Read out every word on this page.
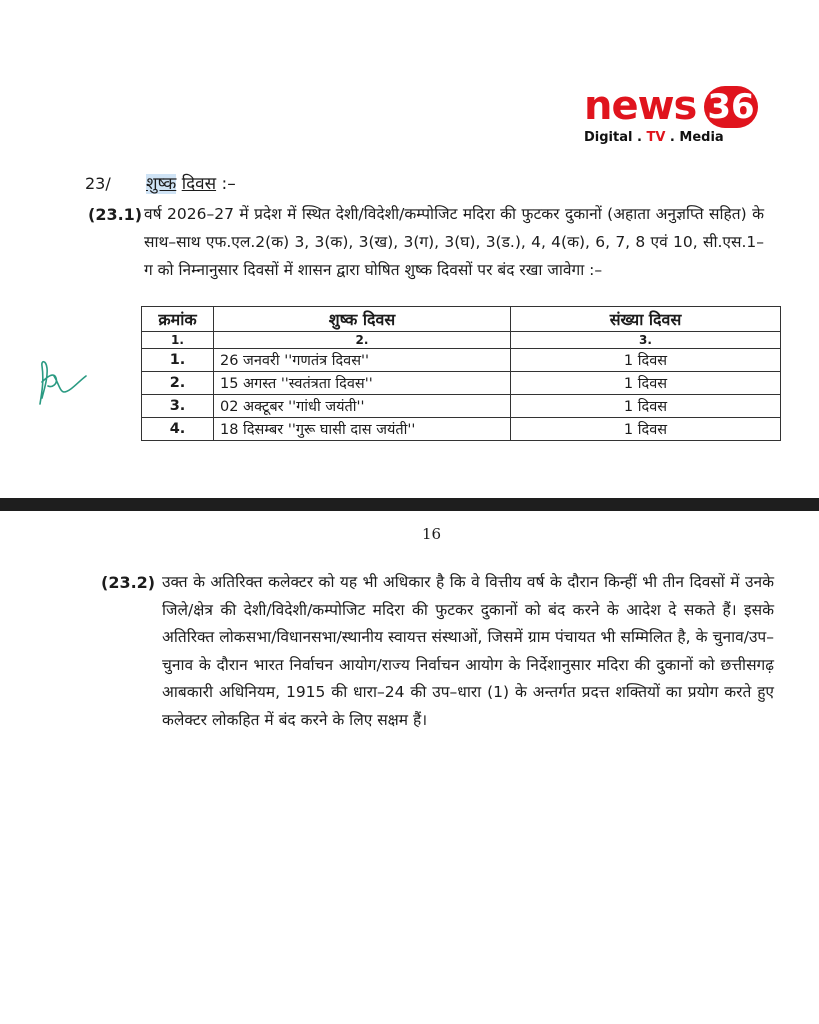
news 36
Digital . TV . Media
23/ शुष्क दिवस :–
(23.1) वर्ष 2026–27 में प्रदेश में स्थित देशी/विदेशी/कम्पोजिट मदिरा की फुटकर दुकानों (अहाता अनुज्ञप्ति सहित) के साथ–साथ एफ.एल.2(क) 3, 3(क), 3(ख), 3(ग), 3(घ), 3(ड.), 4, 4(क), 6, 7, 8 एवं 10, सी.एस.1–ग को निम्नानुसार दिवसों में शासन द्वारा घोषित शुष्क दिवसों पर बंद रखा जावेगा :–
क्रमांक	शुष्क दिवस	संख्या दिवस
1.	2.	3.
1.	26 जनवरी ''गणतंत्र दिवस''	1 दिवस
2.	15 अगस्त ''स्वतंत्रता दिवस''	1 दिवस
3.	02 अक्टूबर ''गांधी जयंती''	1 दिवस
4.	18 दिसम्बर ''गुरू घासी दास जयंती''	1 दिवस
16
(23.2) उक्त के अतिरिक्त कलेक्टर को यह भी अधिकार है कि वे वित्तीय वर्ष के दौरान किन्हीं भी तीन दिवसों में उनके जिले/क्षेत्र की देशी/विदेशी/कम्पोजिट मदिरा की फुटकर दुकानों को बंद करने के आदेश दे सकते हैं। इसके अतिरिक्त लोकसभा/विधानसभा/स्थानीय स्वायत्त संस्थाओं, जिसमें ग्राम पंचायत भी सम्मिलित है, के चुनाव/उप–चुनाव के दौरान भारत निर्वाचन आयोग/राज्य निर्वाचन आयोग के निर्देशानुसार मदिरा की दुकानों को छत्तीसगढ़ आबकारी अधिनियम, 1915 की धारा–24 की उप–धारा (1) के अन्तर्गत प्रदत्त शक्तियों का प्रयोग करते हुए कलेक्टर लोकहित में बंद करने के लिए सक्षम हैं।
